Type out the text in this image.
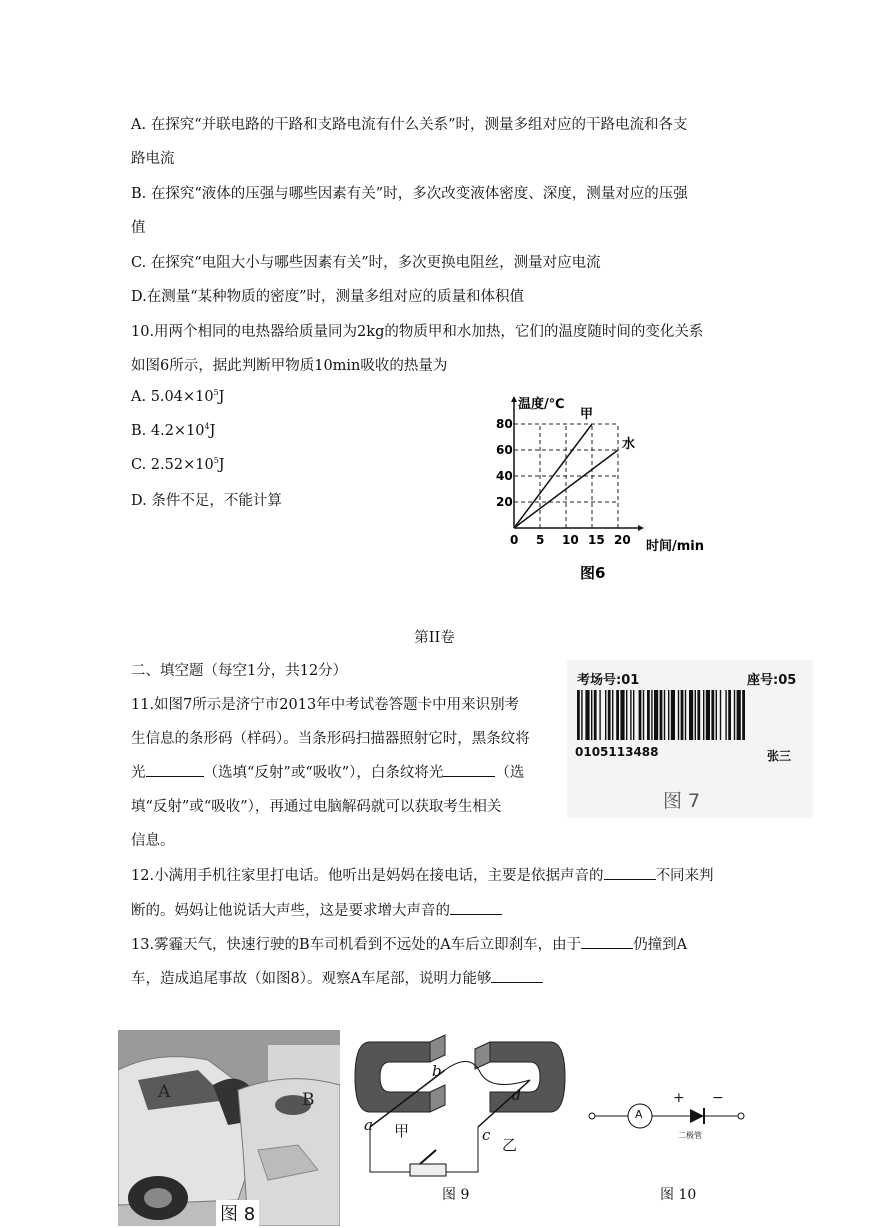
A. 在探究“并联电路的干路和支路电流有什么关系”时，测量多组对应的干路电流和各支
路电流
B. 在探究“液体的压强与哪些因素有关”时，多次改变液体密度、深度，测量对应的压强
值
C. 在探究“电阻大小与哪些因素有关”时，多次更换电阻丝，测量对应电流
D.在测量“某种物质的密度”时，测量多组对应的质量和体积值
10.用两个相同的电热器给质量同为2kg的物质甲和水加热，它们的温度随时间的变化关系
如图6所示，据此判断甲物质10min吸收的热量为
A. $5.04\times 10^5J$
B. $4.2\times 10^4J$
C. $2.52\times 10^5J$
D. 条件不足，不能计算
甲
水
0 5 10 15 20
20
40
60
80
温度/℃
时间/min
图6
第II卷
二、填空题（每空1分，共12分）
11.如图7所示是济宁市2013年中考试卷答题卡中用来识别考
生信息的条形码（样码）。当条形码扫描器照射它时，黑条纹将
光	（选填“反射”或“吸收”），白条纹将光	（选
填“反射”或“吸收”），再通过电脑解码就可以获取考生相关
信息。
考场号:01	座号:05
0105113488	张三
图 7
12.小满用手机往家里打电话。他听出是妈妈在接电话，主要是依据声音的	不同来判
断的。妈妈让他说话大声些，这是要求增大声音的
13.雾霾天气，快速行驶的B车司机看到不远处的A车后立即刹车，由于	仍撞到A
车，造成追尾事故（如图8）。观察A车尾部，说明力能够
A	B
图 8
a
b
c
d
甲
乙
图 9
A
+ −
二极管
图 10
